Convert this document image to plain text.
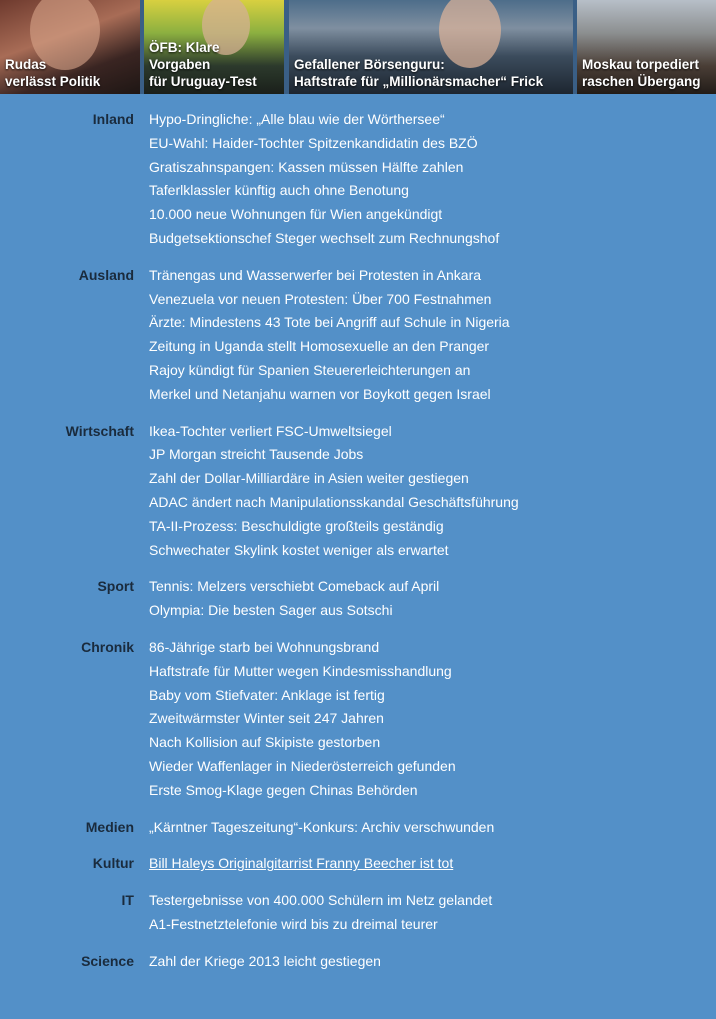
Rudas
verlässt Politik
ÖFB: Klare Vorgaben
für Uruguay-Test
Gefallener Börsenguru:
Haftstrafe für „Millionärsmacher“ Frick
Moskau torpediert
raschen Übergang
Inland	Hypo-Dringliche: „Alle blau wie der Wörthersee“
EU-Wahl: Haider-Tochter Spitzenkandidatin des BZÖ
Gratiszahnspangen: Kassen müssen Hälfte zahlen
Taferlklassler künftig auch ohne Benotung
10.000 neue Wohnungen für Wien angekündigt
Budgetsektionschef Steger wechselt zum Rechnungshof
Ausland	Tränengas und Wasserwerfer bei Protesten in Ankara
Venezuela vor neuen Protesten: Über 700 Festnahmen
Ärzte: Mindestens 43 Tote bei Angriff auf Schule in Nigeria
Zeitung in Uganda stellt Homosexuelle an den Pranger
Rajoy kündigt für Spanien Steuererleichterungen an
Merkel und Netanjahu warnen vor Boykott gegen Israel
Wirtschaft	Ikea-Tochter verliert FSC-Umweltsiegel
JP Morgan streicht Tausende Jobs
Zahl der Dollar-Milliardäre in Asien weiter gestiegen
ADAC ändert nach Manipulationsskandal Geschäftsführung
TA-II-Prozess: Beschuldigte großteils geständig
Schwechater Skylink kostet weniger als erwartet
Sport	Tennis: Melzers verschiebt Comeback auf April
Olympia: Die besten Sager aus Sotschi
Chronik	86-Jährige starb bei Wohnungsbrand
Haftstrafe für Mutter wegen Kindesmisshandlung
Baby vom Stiefvater: Anklage ist fertig
Zweitwärmster Winter seit 247 Jahren
Nach Kollision auf Skipiste gestorben
Wieder Waffenlager in Niederösterreich gefunden
Erste Smog-Klage gegen Chinas Behörden
Medien	„Kärntner Tageszeitung“-Konkurs: Archiv verschwunden
Kultur	Bill Haleys Originalgitarrist Franny Beecher ist tot
IT	Testergebnisse von 400.000 Schülern im Netz gelandet
A1-Festnetztelefonie wird bis zu dreimal teurer
Science	Zahl der Kriege 2013 leicht gestiegen
